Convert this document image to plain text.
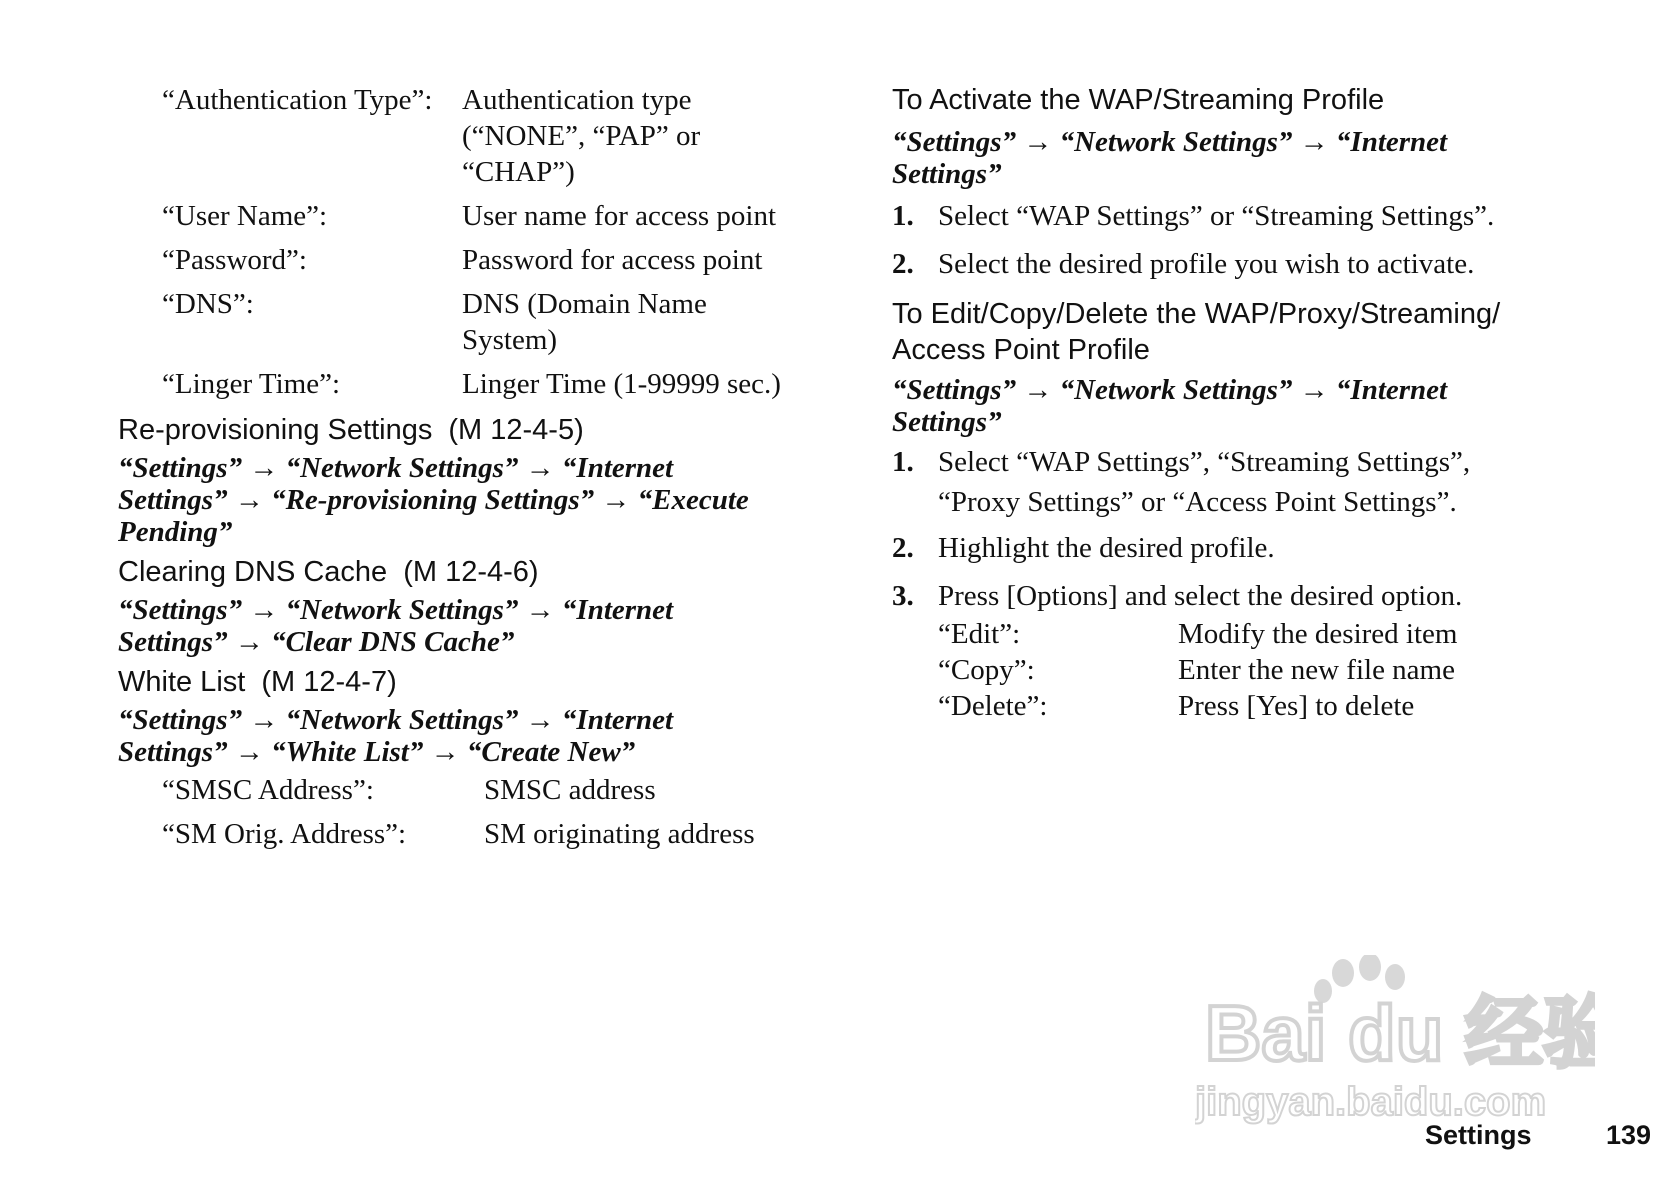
“Authentication Type”:	Authentication type
(“NONE”, “PAP” or
“CHAP”)
“User Name”:	User name for access point
“Password”:	Password for access point
“DNS”:	DNS (Domain Name
System)
“Linger Time”:	Linger Time (1-99999 sec.)
Re-provisioning Settings (M 12-4-5)

“Settings” → “Network Settings” → “Internet

Settings” → “Re-provisioning Settings” → “Execute

Pending”

Clearing DNS Cache (M 12-4-6)

“Settings” → “Network Settings” → “Internet

Settings” → “Clear DNS Cache”

White List (M 12-4-7)

“Settings” → “Network Settings” → “Internet

Settings” → “White List” → “Create New”

“SMSC Address”:	SMSC address
“SM Orig. Address”:	SM originating address
To Activate the WAP/Streaming Profile

“Settings” → “Network Settings” → “Internet

Settings”

1. Select “WAP Settings” or “Streaming Settings”.
2. Select the desired profile you wish to activate.
To Edit/Copy/Delete the WAP/Proxy/Streaming/
Access Point Profile

“Settings” → “Network Settings” → “Internet

Settings”

1. Select “WAP Settings”, “Streaming Settings”,
“Proxy Settings” or “Access Point Settings”.
2. Highlight the desired profile.
3. Press [Options] and select the desired option.
“Edit”:	Modify the desired item
“Copy”:	Enter the new file name
“Delete”:	Press [Yes] to delete
Bai du 经验
jingyan.baidu.com
Settings	139
